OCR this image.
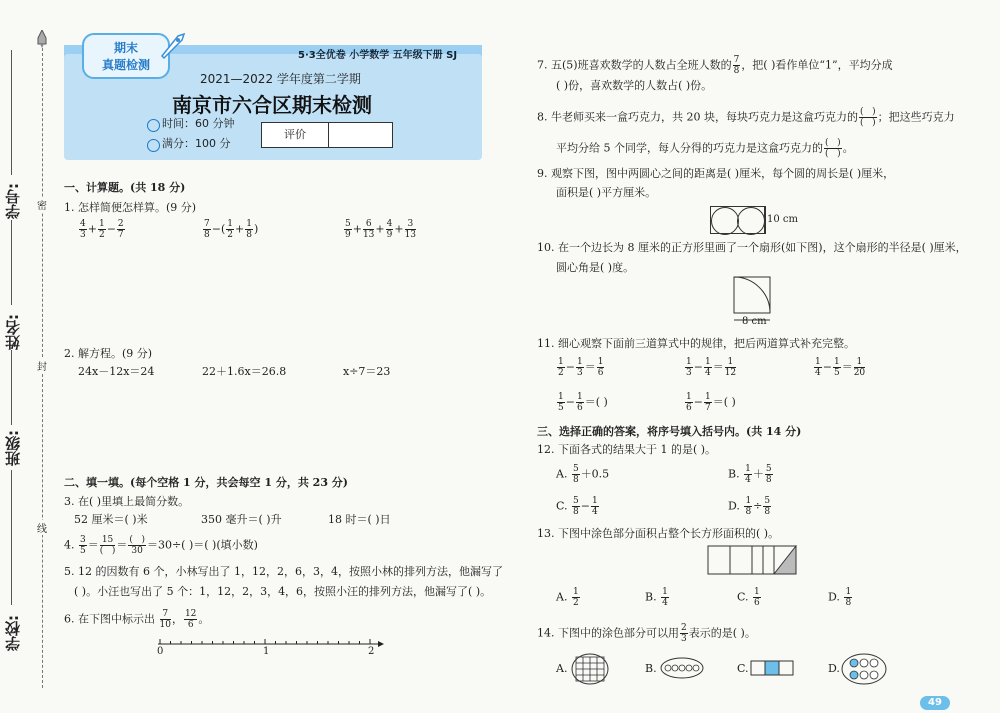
密
封
线
学号:
姓名:
班级:
学校:
期末
真题检测
5·3全优卷 小学数学 五年级下册 SJ
2021—2022 学年度第二学期
南京市六合区期末检测
时间：60 分钟
满分：100 分
评价
一、计算题。(共 18 分)
1. 怎样简便怎样算。(9 分)
$\frac{4}{3} + \frac{1}{2} - \frac{2}{7}$	$\frac{7}{8}$ −( $\frac{1}{2} + \frac{1}{8}$ )	$\frac{5}{9} + \frac{6}{13} + \frac{4}{9} + \frac{3}{13}$
2. 解方程。(9 分)
24x－12x＝24	22＋1.6x＝26.8	x÷7＝23
二、填一填。(每个空格 1 分，共会每空 1 分，共 23 分)
3. 在( )里填上最简分数。
52 厘米＝( )米	350 毫升＝( )升	18 时＝( )日
4. $\frac{3}{5} = \frac{15}{( )} = \frac{( )}{30} =30\div$( )＝( )(填小数)
5. 12 的因数有 6 个，小林写出了 1，12，2，6，3，4，按照小林的排列方法，他漏写了
( )。小汪也写出了 5 个：1，12，2，3，4，6，按照小汪的排列方法，他漏写了( )。
6. 在下图中标示出 $\frac{7}{10}$ ， $\frac{12}{6}$ 。
0	1	2
7. 五(5)班喜欢数学的人数占全班人数的 $\frac{7}{8}$ ，把( )看作单位“1”，平均分成
( )份，喜欢数学的人数占( )份。
8. 牛老师买来一盒巧克力，共 20 块，每块巧克力是这盒巧克力的 $\frac{( )}{( )}$ ；把这些巧克力
平均分给 5 个同学，每人分得的巧克力是这盒巧克力的 $\frac{( )}{( )}$ 。
9. 观察下图，图中两圆心之间的距离是( )厘米，每个圆的周长是( )厘米，
面积是( )平方厘米。
10 cm
10. 在一个边长为 8 厘米的正方形里画了一个扇形(如下图)，这个扇形的半径是( )厘米，
圆心角是( )度。
8 cm
11. 细心观察下面前三道算式中的规律，把后两道算式补充完整。
$\frac{1}{2} - \frac{1}{3} = \frac{1}{6}$	$\frac{1}{3} - \frac{1}{4} = \frac{1}{12}$	$\frac{1}{4} - \frac{1}{5} = \frac{1}{20}$
$\frac{1}{5} - \frac{1}{6}$ ＝( )	$\frac{1}{6} - \frac{1}{7}$ ＝( )
三、选择正确的答案，将序号填入括号内。(共 14 分)
12. 下面各式的结果大于 1 的是( )。
A. $\frac{5}{8} +0.5$	B. $\frac{1}{4} + \frac{5}{8}$
C. $\frac{5}{8} - \frac{1}{4}$	D. $\frac{1}{8} \div \frac{5}{8}$
13. 下图中涂色部分面积占整个长方形面积的( )。
A. $\frac{1}{2}$	B. $\frac{1}{4}$	C. $\frac{1}{6}$	D. $\frac{1}{8}$
14. 下图中的涂色部分可以用 $\frac{2}{3}$ 表示的是( )。
A.	B.	C.	D.
49
